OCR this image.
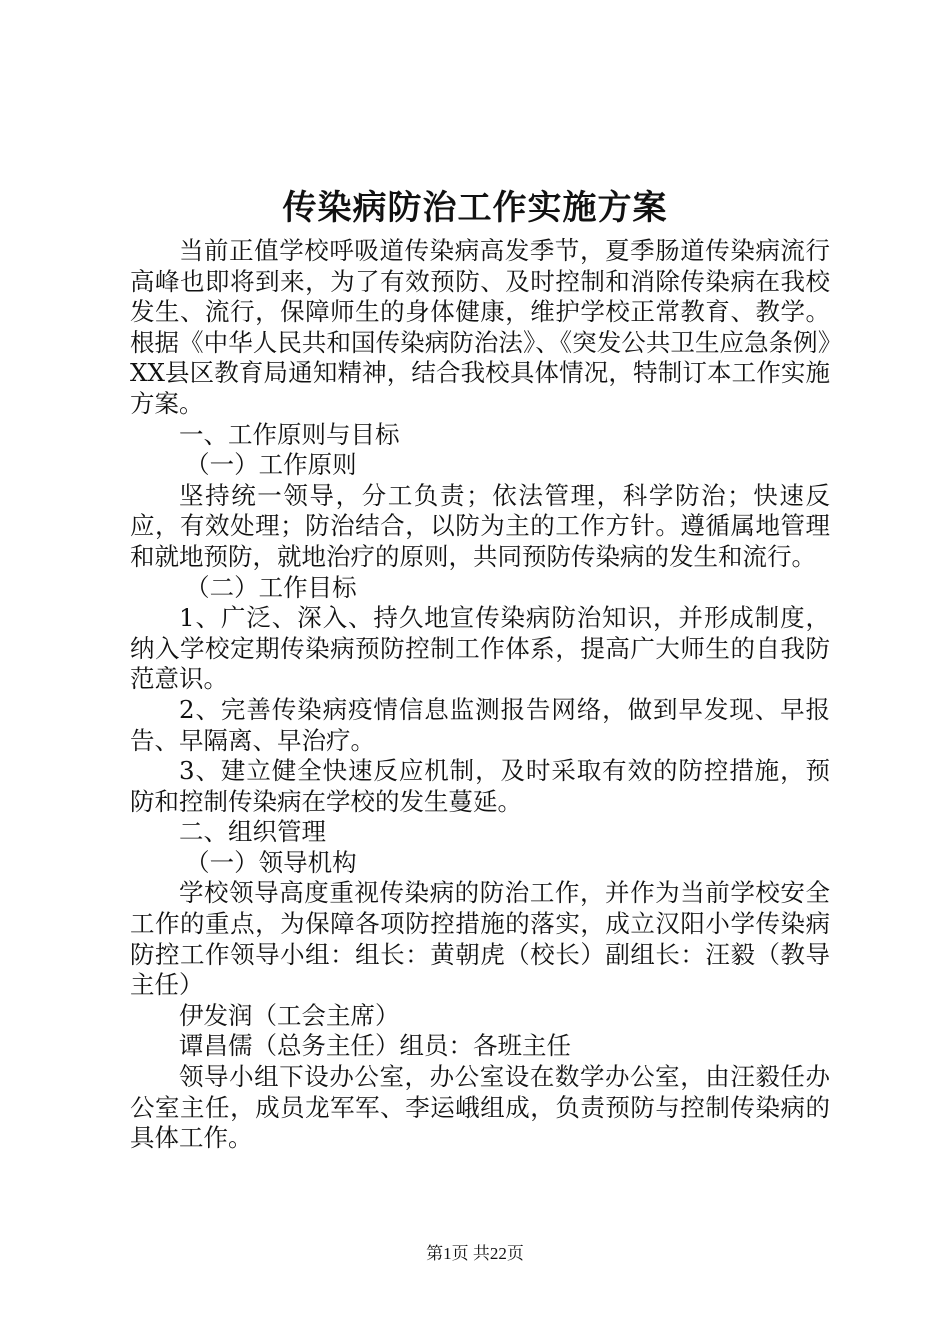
传染病防治工作实施方案

当前正值学校呼吸道传染病高发季节，夏季肠道传染病流行高峰也即将到来，为了有效预防、及时控制和消除传染病在我校发生、流行，保障师生的身体健康，维护学校正常教育、教学。根据《中华人民共和国传染病防治法》、《突发公共卫生应急条例》XX县区教育局通知精神，结合我校具体情况，特制订本工作实施方案。

一、工作原则与目标

（一）工作原则

坚持统一领导，分工负责；依法管理，科学防治；快速反应，有效处理；防治结合，以防为主的工作方针。遵循属地管理和就地预防，就地治疗的原则，共同预防传染病的发生和流行。

（二）工作目标

1、广泛、深入、持久地宣传染病防治知识，并形成制度，纳入学校定期传染病预防控制工作体系，提高广大师生的自我防范意识。

2、完善传染病疫情信息监测报告网络，做到早发现、早报告、早隔离、早治疗。

3、建立健全快速反应机制，及时采取有效的防控措施，预防和控制传染病在学校的发生蔓延。

二、组织管理

（一）领导机构

学校领导高度重视传染病的防治工作，并作为当前学校安全工作的重点，为保障各项防控措施的落实，成立汉阳小学传染病防控工作领导小组：组长：黄朝虎（校长）副组长：汪毅（教导主任）

伊发润（工会主席）

谭昌儒（总务主任）组员：各班主任

领导小组下设办公室，办公室设在数学办公室，由汪毅任办公室主任，成员龙军军、李运峨组成，负责预防与控制传染病的具体工作。

第1页 共22页
